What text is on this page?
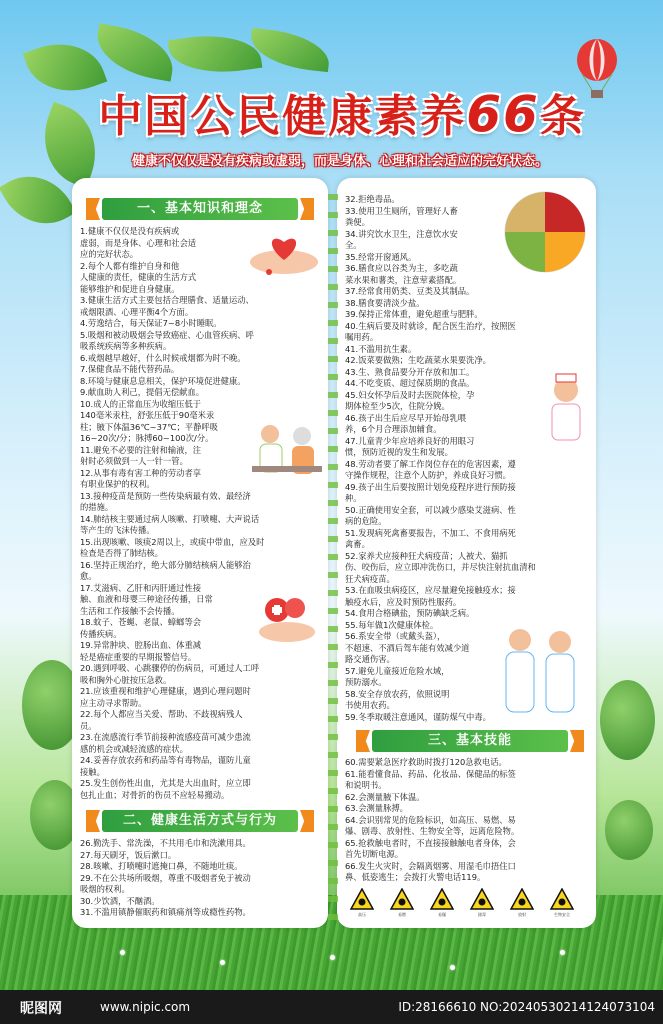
中国公民健康素养66条
健康不仅仅是没有疾病或虚弱，而是身体、心理和社会适应的完好状态。
一、基本知识和理念
1.健康不仅仅是没有疾病或
虚弱，而是身体、心理和社会适
应的完好状态。
2.每个人都有维护自身和他
人健康的责任，健康的生活方式
能够维护和促进自身健康。
3.健康生活方式主要包括合理膳食、适量运动、
戒烟限酒、心理平衡4个方面。
4.劳逸结合，每天保证7~8小时睡眠。
5.吸烟和被动吸烟会导致癌症、心血管疾病、呼
吸系统疾病等多种疾病。
6.戒烟越早越好，什么时候戒烟都为时不晚。
7.保健食品不能代替药品。
8.环境与健康息息相关，保护环境促进健康。
9.献血助人利己，提倡无偿献血。
10.成人的正常血压为收缩压低于
140毫米汞柱，舒张压低于90毫米汞
柱；腋下体温36℃~37℃；平静呼吸
16~20次/分；脉搏60~100次/分。
11.避免不必要的注射和输液，注
射时必须做到一人一针一管。
12.从事有毒有害工种的劳动者享
有职业保护的权利。
13.接种疫苗是预防一些传染病最有效、最经济
的措施。
14.肺结核主要通过病人咳嗽、打喷嚏、大声说话
等产生的飞沫传播。
15.出现咳嗽、咳痰2周以上，或痰中带血，应及时
检查是否得了肺结核。
16.坚持正规治疗，绝大部分肺结核病人能够治
愈。
17.艾滋病、乙肝和丙肝通过性接
触、血液和母婴三种途径传播，日常
生活和工作接触不会传播。
18.蚊子、苍蝇、老鼠、蟑螂等会
传播疾病。
19.异常肿块、腔肠出血、体重减
轻是癌症重要的早期报警信号。
20.遇到呼吸、心跳骤停的伤病员，可通过人工呼
吸和胸外心脏按压急救。
21.应该重视和维护心理健康，遇到心理问题时
应主动寻求帮助。
22.每个人都应当关爱、帮助、不歧视病残人
员。
23.在流感流行季节前接种流感疫苗可减少患流
感的机会或减轻流感的症状。
24.妥善存放农药和药品等有毒物品，谨防儿童
接触。
25.发生创伤性出血，尤其是大出血时，应立即
包扎止血；对骨折的伤员不应轻易搬动。
二、健康生活方式与行为
26.勤洗手、常洗澡，不共用毛巾和洗漱用具。
27.每天刷牙，饭后漱口。
28.咳嗽、打喷嚏时遮掩口鼻，不随地吐痰。
29.不在公共场所吸烟，尊重不吸烟者免于被动
吸烟的权利。
30.少饮酒，不酗酒。
31.不滥用镇静催眠药和镇痛剂等成瘾性药物。
32.拒绝毒品。
33.使用卫生厕所，管理好人畜
粪便。
34.讲究饮水卫生，注意饮水安
全。
35.经常开窗通风。
36.膳食应以谷类为主，多吃蔬
菜水果和薯类，注意荤素搭配。
37.经常食用奶类、豆类及其制品。
38.膳食要清淡少盐。
39.保持正常体重，避免超重与肥胖。
40.生病后要及时就诊，配合医生治疗，按照医
嘱用药。
41.不滥用抗生素。
42.饭菜要做熟；生吃蔬菜水果要洗净。
43.生、熟食品要分开存放和加工。
44.不吃变质、超过保质期的食品。
45.妇女怀孕后及时去医院体检，孕
期体检至少5次，住院分娩。
46.孩子出生后应尽早开始母乳喂
养，6个月合理添加辅食。
47.儿童青少年应培养良好的用眼习
惯，预防近视的发生和发展。
48.劳动者要了解工作岗位存在的危害因素，遵
守操作规程，注意个人防护，养成良好习惯。
49.孩子出生后要按照计划免疫程序进行预防接
种。
50.正确使用安全套，可以减少感染艾滋病、性
病的危险。
51.发现病死禽畜要报告，不加工、不食用病死
禽畜。
52.家养犬应接种狂犬病疫苗；人被犬、猫抓
伤、咬伤后，应立即冲洗伤口，并尽快注射抗血清和
狂犬病疫苗。
53.在血吸虫病疫区，应尽量避免接触疫水；接
触疫水后，应及时预防性服药。
54.食用合格碘盐，预防碘缺乏病。
55.每年做1次健康体检。
56.系安全带（或戴头盔），
不超速、不酒后驾车能有效减少道
路交通伤害。
57.避免儿童接近危险水域，
预防溺水。
58.安全存放农药，依照说明
书使用农药。
59.冬季取暖注意通风，谨防煤气中毒。
三、基本技能
60.需要紧急医疗救助时拨打120急救电话。
61.能看懂食品、药品、化妆品、保健品的标签
和说明书。
62.会测量腋下体温。
63.会测量脉搏。
64.会识别常见的危险标识，如高压、易燃、易
爆、剧毒、放射性、生物安全等，远离危险物。
65.抢救触电者时，不直接接触触电者身体，会
首先切断电源。
66.发生火灾时，会隔离烟雾、用湿毛巾捂住口
鼻、低姿逃生；会拨打火警电话119。
高压	易燃	易爆	剧毒	放射	生物安全
昵图网	www.nipic.com	ID:28166610 NO:20240530214124073104
